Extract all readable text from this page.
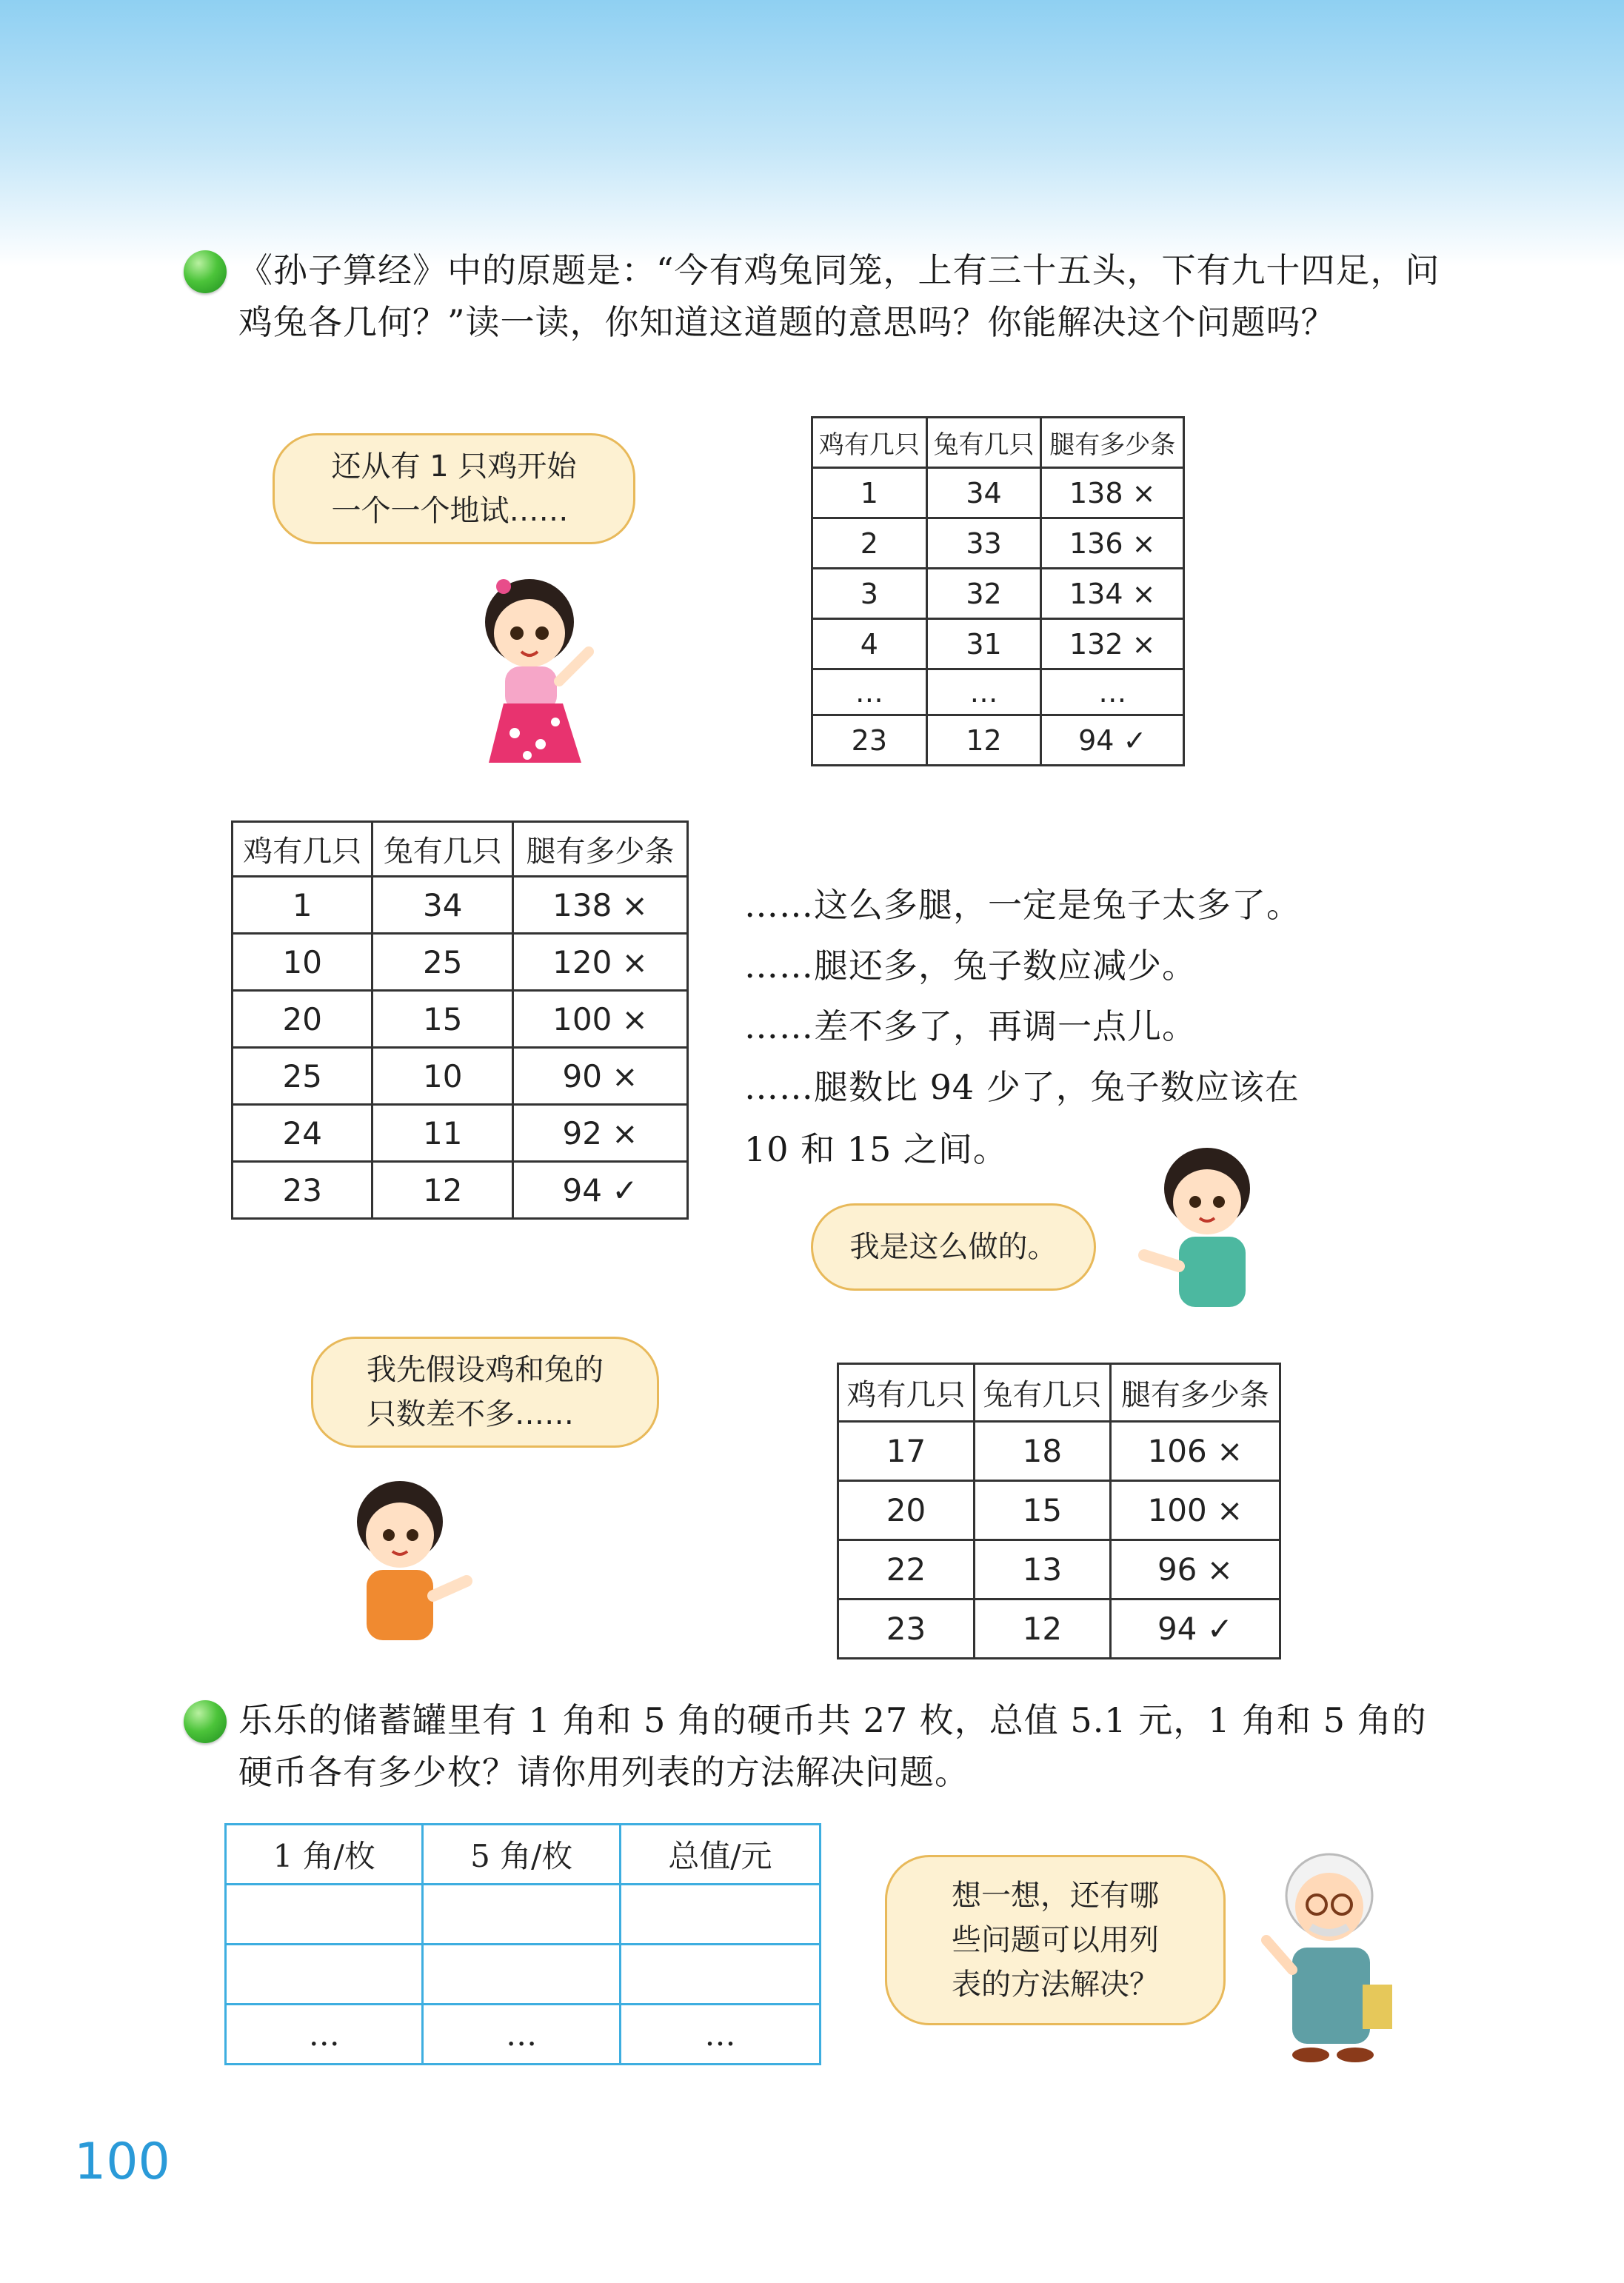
《孙子算经》中的原题是：“今有鸡兔同笼，上有三十五头，下有九十四足，问鸡兔各几何？”读一读，你知道这道题的意思吗？你能解决这个问题吗？
还从有 1 只鸡开始
一个一个地试……
鸡有几只	兔有几只	腿有多少条
1	34	138 ×
2	33	136 ×
3	32	134 ×
4	31	132 ×
…	…	…
23	12	94 ✓
鸡有几只	兔有几只	腿有多少条
1	34	138 ×
10	25	120 ×
20	15	100 ×
25	10	90 ×
24	11	92 ×
23	12	94 ✓
……这么多腿，一定是兔子太多了。
……腿还多，兔子数应减少。
……差不多了，再调一点儿。
……腿数比 94 少了，兔子数应该在
10 和 15 之间。
我是这么做的。
我先假设鸡和兔的
只数差不多……
鸡有几只	兔有几只	腿有多少条
17	18	106 ×
20	15	100 ×
22	13	96 ×
23	12	94 ✓
乐乐的储蓄罐里有 1 角和 5 角的硬币共 27 枚，总值 5.1 元，1 角和 5 角的硬币各有多少枚？请你用列表的方法解决问题。
1 角/枚	5 角/枚	总值/元

…	…	…
想一想，还有哪
些问题可以用列
表的方法解决？
100
